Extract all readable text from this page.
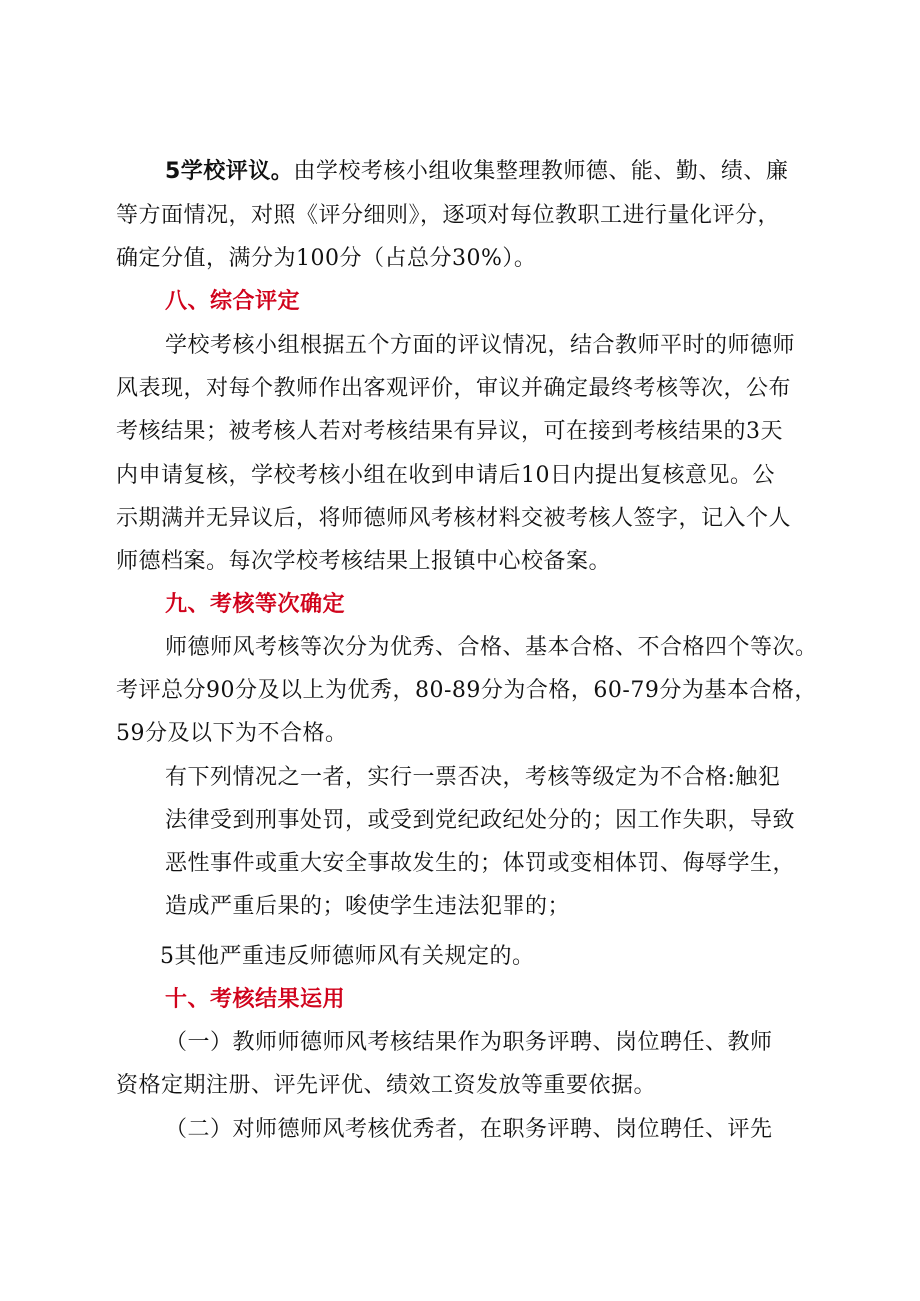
5学校评议。由学校考核小组收集整理教师德、能、勤、绩、廉
等方面情况，对照《评分细则》，逐项对每位教职工进行量化评分，
确定分值，满分为100分（占总分30%）。
八、综合评定
学校考核小组根据五个方面的评议情况，结合教师平时的师德师
风表现，对每个教师作出客观评价，审议并确定最终考核等次，公布
考核结果；被考核人若对考核结果有异议，可在接到考核结果的3天
内申请复核，学校考核小组在收到申请后10日内提出复核意见。公
示期满并无异议后，将师德师风考核材料交被考核人签字，记入个人
师德档案。每次学校考核结果上报镇中心校备案。
九、考核等次确定
师德师风考核等次分为优秀、合格、基本合格、不合格四个等次。
考评总分90分及以上为优秀，80-89分为合格，60-79分为基本合格，
59分及以下为不合格。
有下列情况之一者，实行一票否决，考核等级定为不合格:触犯
法律受到刑事处罚，或受到党纪政纪处分的；因工作失职，导致
恶性事件或重大安全事故发生的；体罚或变相体罚、侮辱学生，
造成严重后果的；唆使学生违法犯罪的；
5其他严重违反师德师风有关规定的。
十、考核结果运用
（一）教师师德师风考核结果作为职务评聘、岗位聘任、教师
资格定期注册、评先评优、绩效工资发放等重要依据。
（二）对师德师风考核优秀者，在职务评聘、岗位聘任、评先
